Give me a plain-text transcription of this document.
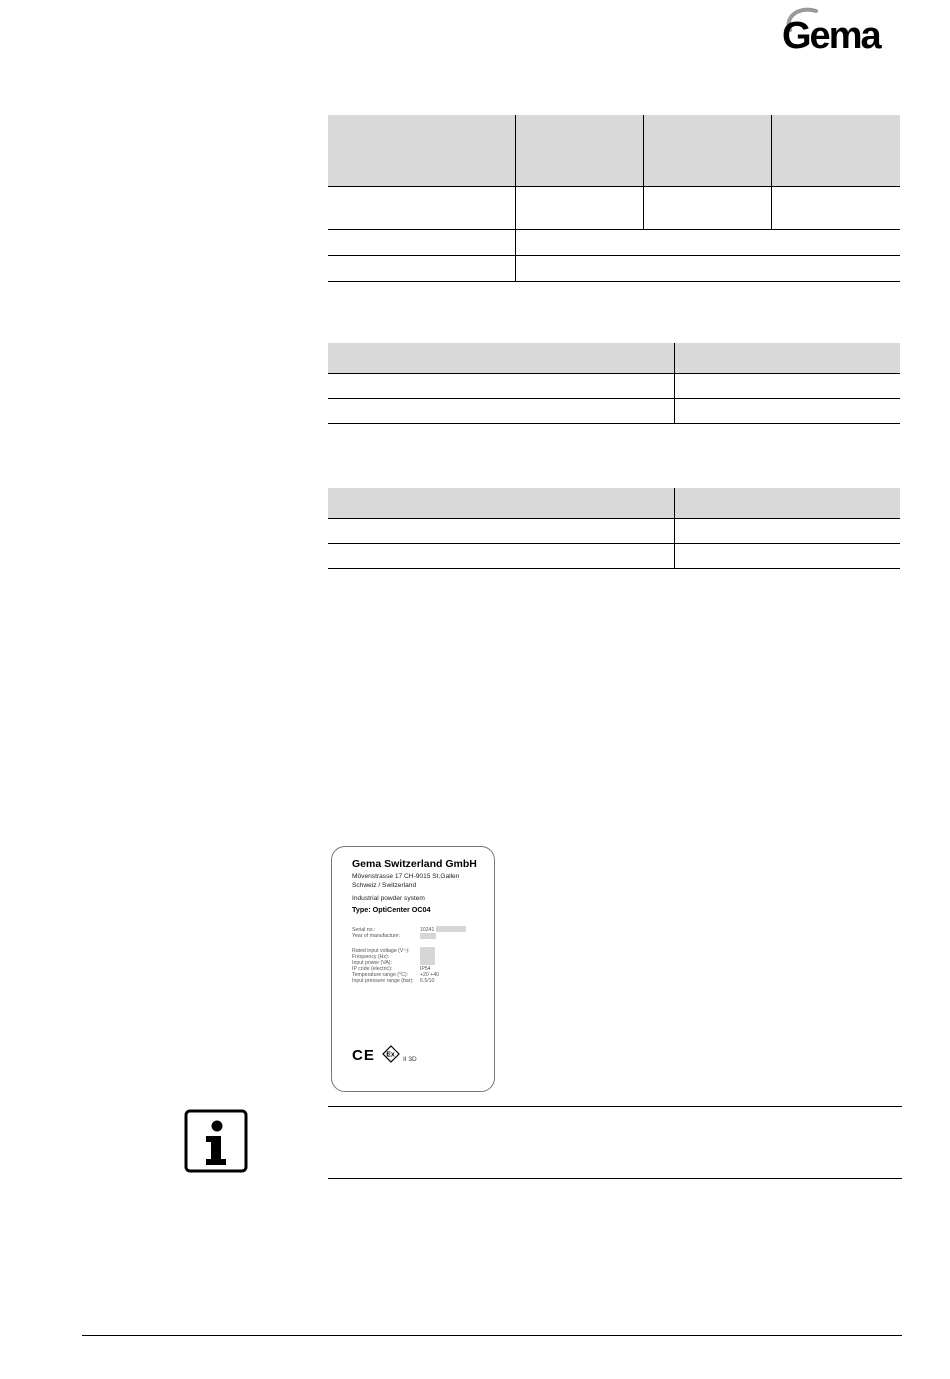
Gema

Gema Switzerland GmbH
Mövenstrasse 17 CH-9015 St.Gallen
Schweiz / Switzerland
Industrial powder system
Type: OptiCenter OC04
Serial no.:	10241
Year of manufacture:
Rated input voltage (V~):
Frequency (Hz):
Input power (VA):
IP code (electric):	IP54
Temperature range (°C): +20 +40
Input pressure range (bar): 6.5/10
CE Ex
II 3D
